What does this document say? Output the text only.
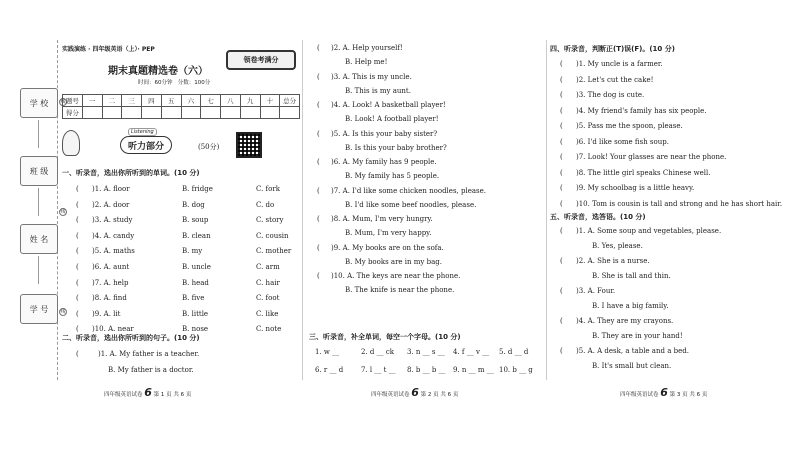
学 校
班 级
姓 名
学 号
线
线
线
实践演练 · 四年级英语（上）· PEP
期末真题精选卷（六）
领卷考满分
时间：60分钟 分数：100分
题号	一	二	三	四	五	六	七	八	九	十	总分
得分											
听力部分
Listening
(50分)
一、听录音，选出你所听到的单词。(10 分)
( )1. A. floor	B. fridge	C. fork
( )2. A. door	B. dog	C. do
( )3. A. study	B. soup	C. story
( )4. A. candy	B. clean	C. cousin
( )5. A. maths	B. my	C. mother
( )6. A. aunt	B. uncle	C. arm
( )7. A. help	B. head	C. hair
( )8. A. find	B. five	C. foot
( )9. A. lit	B. little	C. like
( )10. A. near	B. nose	C. note
二、听录音，选出你所听到的句子。(10 分)
(	)1. A. My father is a teacher.
B. My father is a doctor.
四年级英语试卷 6 第 1 页 共 6 页
( )2. A. Help yourself!
B. Help me!
( )3. A. This is my uncle.
B. This is my aunt.
( )4. A. Look! A basketball player!
B. Look! A football player!
( )5. A. Is this your baby sister?
B. Is this your baby brother?
( )6. A. My family has 9 people.
B. My family has 5 people.
( )7. A. I'd like some chicken noodles, please.
B. I'd like some beef noodles, please.
( )8. A. Mum, I'm very hungry.
B. Mum, I'm very happy.
( )9. A. My books are on the sofa.
B. My books are in my bag.
( )10. A. The keys are near the phone.
B. The knife is near the phone.
三、听录音，补全单词，每空一个字母。(10 分)
1. w __	2. d __ ck 3. n __ s __ 4. f __ v __ 5. d __ d
6. r __ d	7. l __ t __ 8. b __ b __ 9. n __ m __ 10. b __ g
四年级英语试卷 6 第 2 页 共 6 页
四、听录音，判断正(T)误(F)。(10 分)
( )1. My uncle is a farmer.
( )2. Let's cut the cake!
( )3. The dog is cute.
( )4. My friend's family has six people.
( )5. Pass me the spoon, please.
( )6. I'd like some fish soup.
( )7. Look! Your glasses are near the phone.
( )8. The little girl speaks Chinese well.
( )9. My schoolbag is a little heavy.
( )10. Tom is cousin is tall and strong and he has short hair.
五、听录音，选答语。(10 分)
( )1. A. Some soup and vegetables, please.
B. Yes, please.
( )2. A. She is a nurse.
B. She is tall and thin.
( )3. A. Four.
B. I have a big family.
( )4. A. They are my crayons.
B. They are in your hand!
( )5. A. A desk, a table and a bed.
B. It's small but clean.
四年级英语试卷 6 第 3 页 共 6 页
